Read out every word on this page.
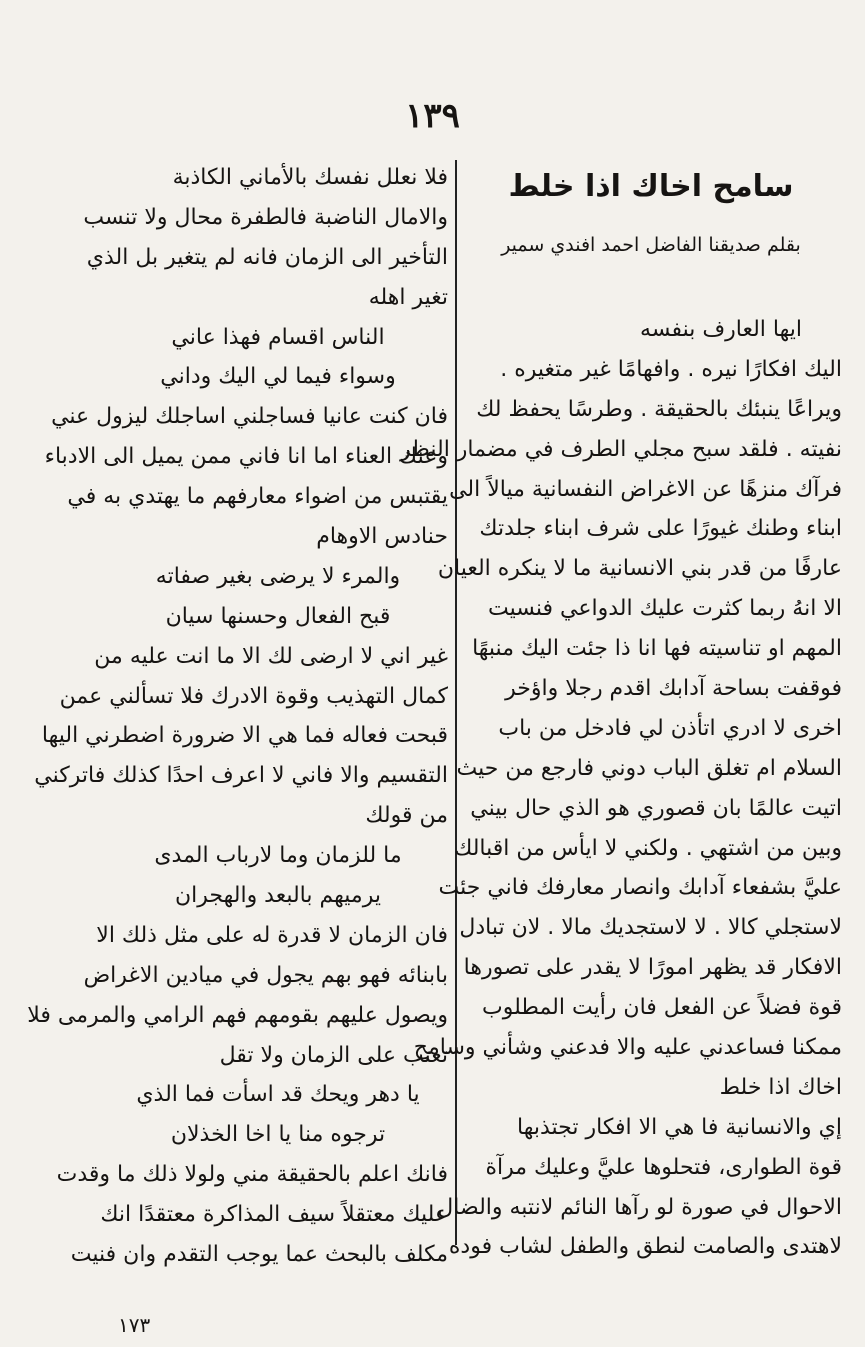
١٣٩
سامح اخاك اذا خلط
بقلم صديقنا الفاضل احمد افندي سمير
ايها العارف بنفسه
اليك افكارًا نيره . وافهامًا غير متغيره .
ويراعًا ينبئك بالحقيقة . وطرسًا يحفظ لك
نفيته . فلقد سبح مجلي الطرف في مضمار النظر
فرآك منزهًا عن الاغراض النفسانية ميالاً الى
ابناء وطنك غيورًا على شرف ابناء جلدتك
عارفًا من قدر بني الانسانية ما لا ينكره العيان
الا انهُ ربما كثرت عليك الدواعي فنسيت
المهم او تناسيته فها انا ذا جئت اليك منبهًا
فوقفت بساحة آدابك اقدم رجلا واؤخر
اخرى لا ادري اتأذن لي فادخل من باب
السلام ام تغلق الباب دوني فارجع من حيث
اتيت عالمًا بان قصوري هو الذي حال بيني
وبين من اشتهي . ولكني لا ايأس من اقبالك
عليَّ بشفعاء آدابك وانصار معارفك فاني جئت
لاستجلي كالا . لا لاستجديك مالا . لان تبادل
الافكار قد يظهر امورًا لا يقدر على تصورها
قوة فضلاً عن الفعل فان رأيت المطلوب
ممكنا فساعدني عليه والا فدعني وشأني وسامح
اخاك اذا خلط
إي والانسانية فا هي الا افكار تجتذبها
قوة الطوارى، فتحلوها عليَّ وعليك مرآة
الاحوال في صورة لو رآها النائم لانتبه والضال
لاهتدى والصامت لنطق والطفل لشاب فوده
فلا نعلل نفسك بالأماني الكاذبة
والامال الناضبة فالطفرة محال ولا تنسب
التأخير الى الزمان فانه لم يتغير بل الذي
تغير اهله
الناس اقسام فهذا عاني
وسواء فيما لي اليك وداني
فان كنت عانيا فساجلني اساجلك ليزول عني
وعنك العناء اما انا فاني ممن يميل الى الادباء
يقتبس من اضواء معارفهم ما يهتدي به في
حنادس الاوهام
والمرء لا يرضى بغير صفاته
قبح الفعال وحسنها سيان
غير اني لا ارضى لك الا ما انت عليه من
كمال التهذيب وقوة الادرك فلا تسألني عمن
قبحت فعاله فما هي الا ضرورة اضطرني اليها
التقسيم والا فاني لا اعرف احدًا كذلك فاتركني
من قولك
ما للزمان وما لارباب المدى
يرميهم بالبعد والهجران
فان الزمان لا قدرة له على مثل ذلك الا
بابنائه فهو بهم يجول في ميادين الاغراض
ويصول عليهم بقومهم فهم الرامي والمرمى فلا
تعتب على الزمان ولا تقل
يا دهر ويحك قد اسأت فما الذي
ترجوه منا يا اخا الخذلان
فانك اعلم بالحقيقة مني ولولا ذلك ما وقدت
عليك معتقلاً سيف المذاكرة معتقدًا انك
مكلف بالبحث عما يوجب التقدم وان فنيت
١٧٣
